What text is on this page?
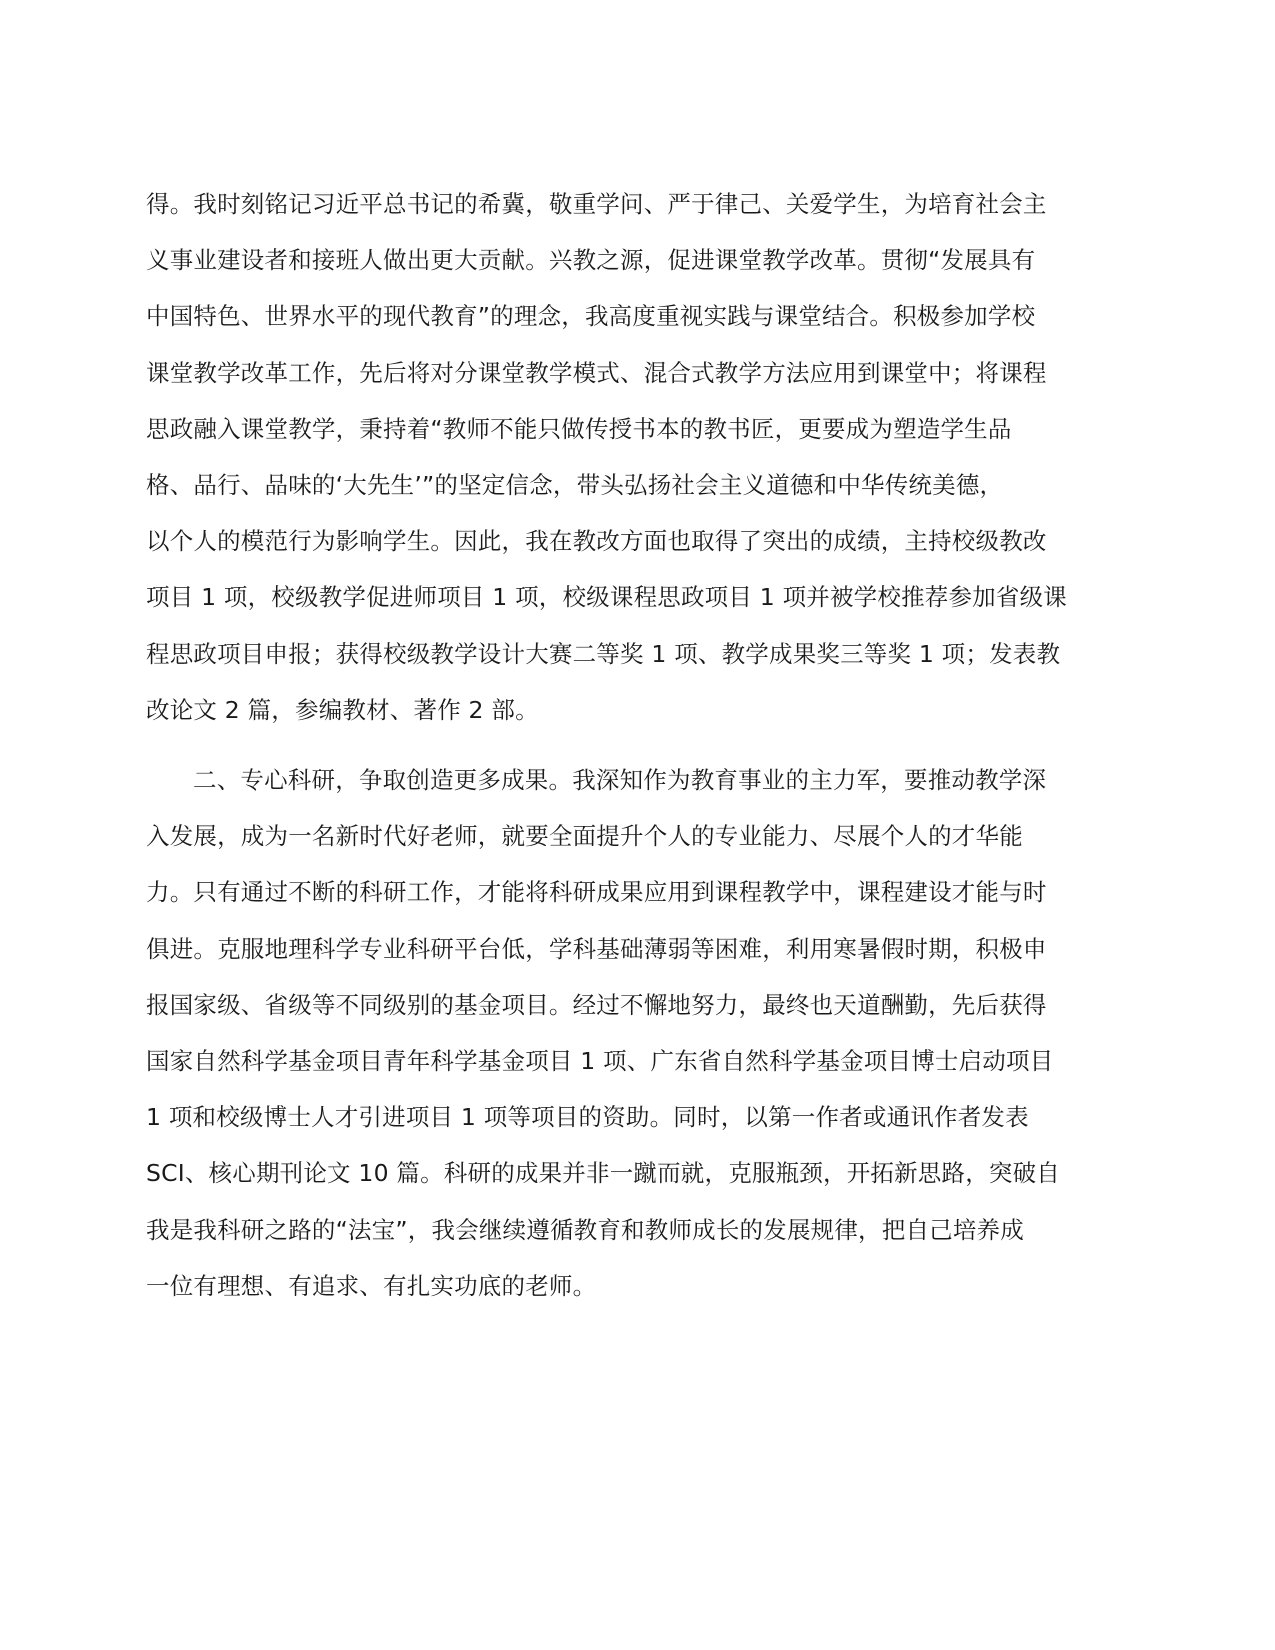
得。我时刻铭记习近平总书记的希冀，敬重学问、严于律己、关爱学生，为培育社会主
义事业建设者和接班人做出更大贡献。兴教之源，促进课堂教学改革。贯彻“发展具有
中国特色、世界水平的现代教育”的理念，我高度重视实践与课堂结合。积极参加学校
课堂教学改革工作，先后将对分课堂教学模式、混合式教学方法应用到课堂中；将课程
思政融入课堂教学，秉持着“教师不能只做传授书本的教书匠，更要成为塑造学生品
格、品行、品味的‘大先生’”的坚定信念，带头弘扬社会主义道德和中华传统美德，
以个人的模范行为影响学生。因此，我在教改方面也取得了突出的成绩，主持校级教改
项目 1 项，校级教学促进师项目 1 项，校级课程思政项目 1 项并被学校推荐参加省级课
程思政项目申报；获得校级教学设计大赛二等奖 1 项、教学成果奖三等奖 1 项；发表教
改论文 2 篇，参编教材、著作 2 部。
二、专心科研，争取创造更多成果。我深知作为教育事业的主力军，要推动教学深
入发展，成为一名新时代好老师，就要全面提升个人的专业能力、尽展个人的才华能
力。只有通过不断的科研工作，才能将科研成果应用到课程教学中，课程建设才能与时
俱进。克服地理科学专业科研平台低，学科基础薄弱等困难，利用寒暑假时期，积极申
报国家级、省级等不同级别的基金项目。经过不懈地努力，最终也天道酬勤，先后获得
国家自然科学基金项目青年科学基金项目 1 项、广东省自然科学基金项目博士启动项目
1 项和校级博士人才引进项目 1 项等项目的资助。同时，以第一作者或通讯作者发表
SCI、核心期刊论文 10 篇。科研的成果并非一蹴而就，克服瓶颈，开拓新思路，突破自
我是我科研之路的“法宝”，我会继续遵循教育和教师成长的发展规律，把自己培养成
一位有理想、有追求、有扎实功底的老师。
